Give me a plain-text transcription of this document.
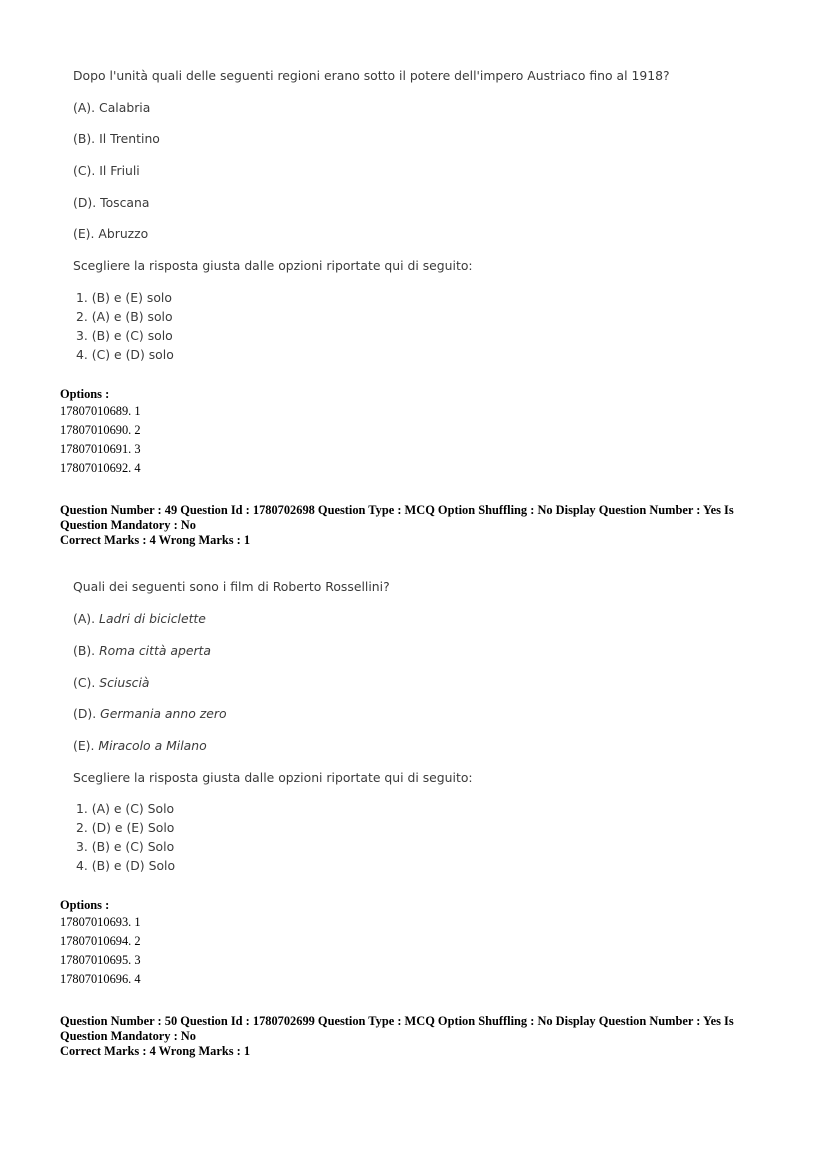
Dopo l'unità quali delle seguenti regioni erano sotto il potere dell'impero Austriaco fino al 1918?
(A). Calabria
(B). Il Trentino
(C). Il Friuli
(D). Toscana
(E). Abruzzo
Scegliere la risposta giusta dalle opzioni riportate qui di seguito:
1. (B) e (E) solo
2. (A) e (B) solo
3. (B) e (C) solo
4. (C) e (D) solo
Options :
17807010689. 1
17807010690. 2
17807010691. 3
17807010692. 4
Question Number : 49 Question Id : 1780702698 Question Type : MCQ Option Shuffling : No Display Question Number : Yes Is
Question Mandatory : No
Correct Marks : 4 Wrong Marks : 1
Quali dei seguenti sono i film di Roberto Rossellini?
(A). Ladri di biciclette
(B). Roma città aperta
(C). Sciuscià
(D). Germania anno zero
(E). Miracolo a Milano
Scegliere la risposta giusta dalle opzioni riportate qui di seguito:
1. (A) e (C) Solo
2. (D) e (E) Solo
3. (B) e (C) Solo
4. (B) e (D) Solo
Options :
17807010693. 1
17807010694. 2
17807010695. 3
17807010696. 4
Question Number : 50 Question Id : 1780702699 Question Type : MCQ Option Shuffling : No Display Question Number : Yes Is
Question Mandatory : No
Correct Marks : 4 Wrong Marks : 1
